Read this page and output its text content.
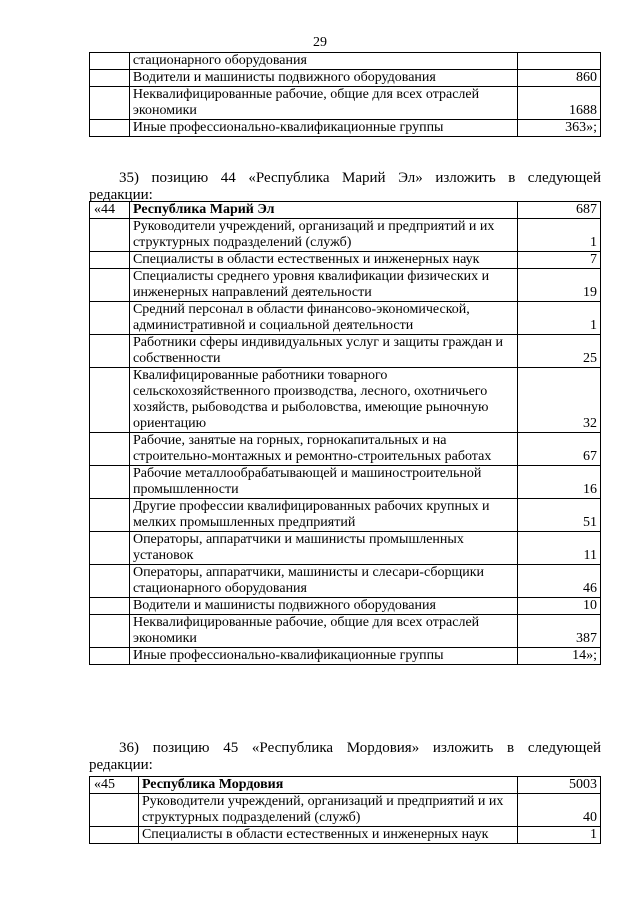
29
	стационарного оборудования	
	Водители и машинисты подвижного оборудования	860
	Неквалифицированные рабочие, общие для всех отраслей экономики	1688
	Иные профессионально-квалификационные группы	363»;
35) позицию 44 «Республика Марий Эл» изложить в следующей
редакции:
«44	Республика Марий Эл	687
	Руководители учреждений, организаций и предприятий и их структурных подразделений (служб)	1
	Специалисты в области естественных и инженерных наук	7
	Специалисты среднего уровня квалификации физических и инженерных направлений деятельности	19
	Средний персонал в области финансово-экономической, административной и социальной деятельности	1
	Работники сферы индивидуальных услуг и защиты граждан и собственности	25
	Квалифицированные работники товарного сельскохозяйственного производства, лесного, охотничьего хозяйств, рыбоводства и рыболовства, имеющие рыночную ориентацию	32
	Рабочие, занятые на горных, горнокапитальных и на строительно-монтажных и ремонтно-строительных работах	67
	Рабочие металлообрабатывающей и машиностроительной промышленности	16
	Другие профессии квалифицированных рабочих крупных и мелких промышленных предприятий	51
	Операторы, аппаратчики и машинисты промышленных установок	11
	Операторы, аппаратчики, машинисты и слесари-сборщики стационарного оборудования	46
	Водители и машинисты подвижного оборудования	10
	Неквалифицированные рабочие, общие для всех отраслей экономики	387
	Иные профессионально-квалификационные группы	14»;
36) позицию 45 «Республика Мордовия» изложить в следующей
редакции:
«45	Республика Мордовия	5003
	Руководители учреждений, организаций и предприятий и их структурных подразделений (служб)	40
	Специалисты в области естественных и инженерных наук	1
